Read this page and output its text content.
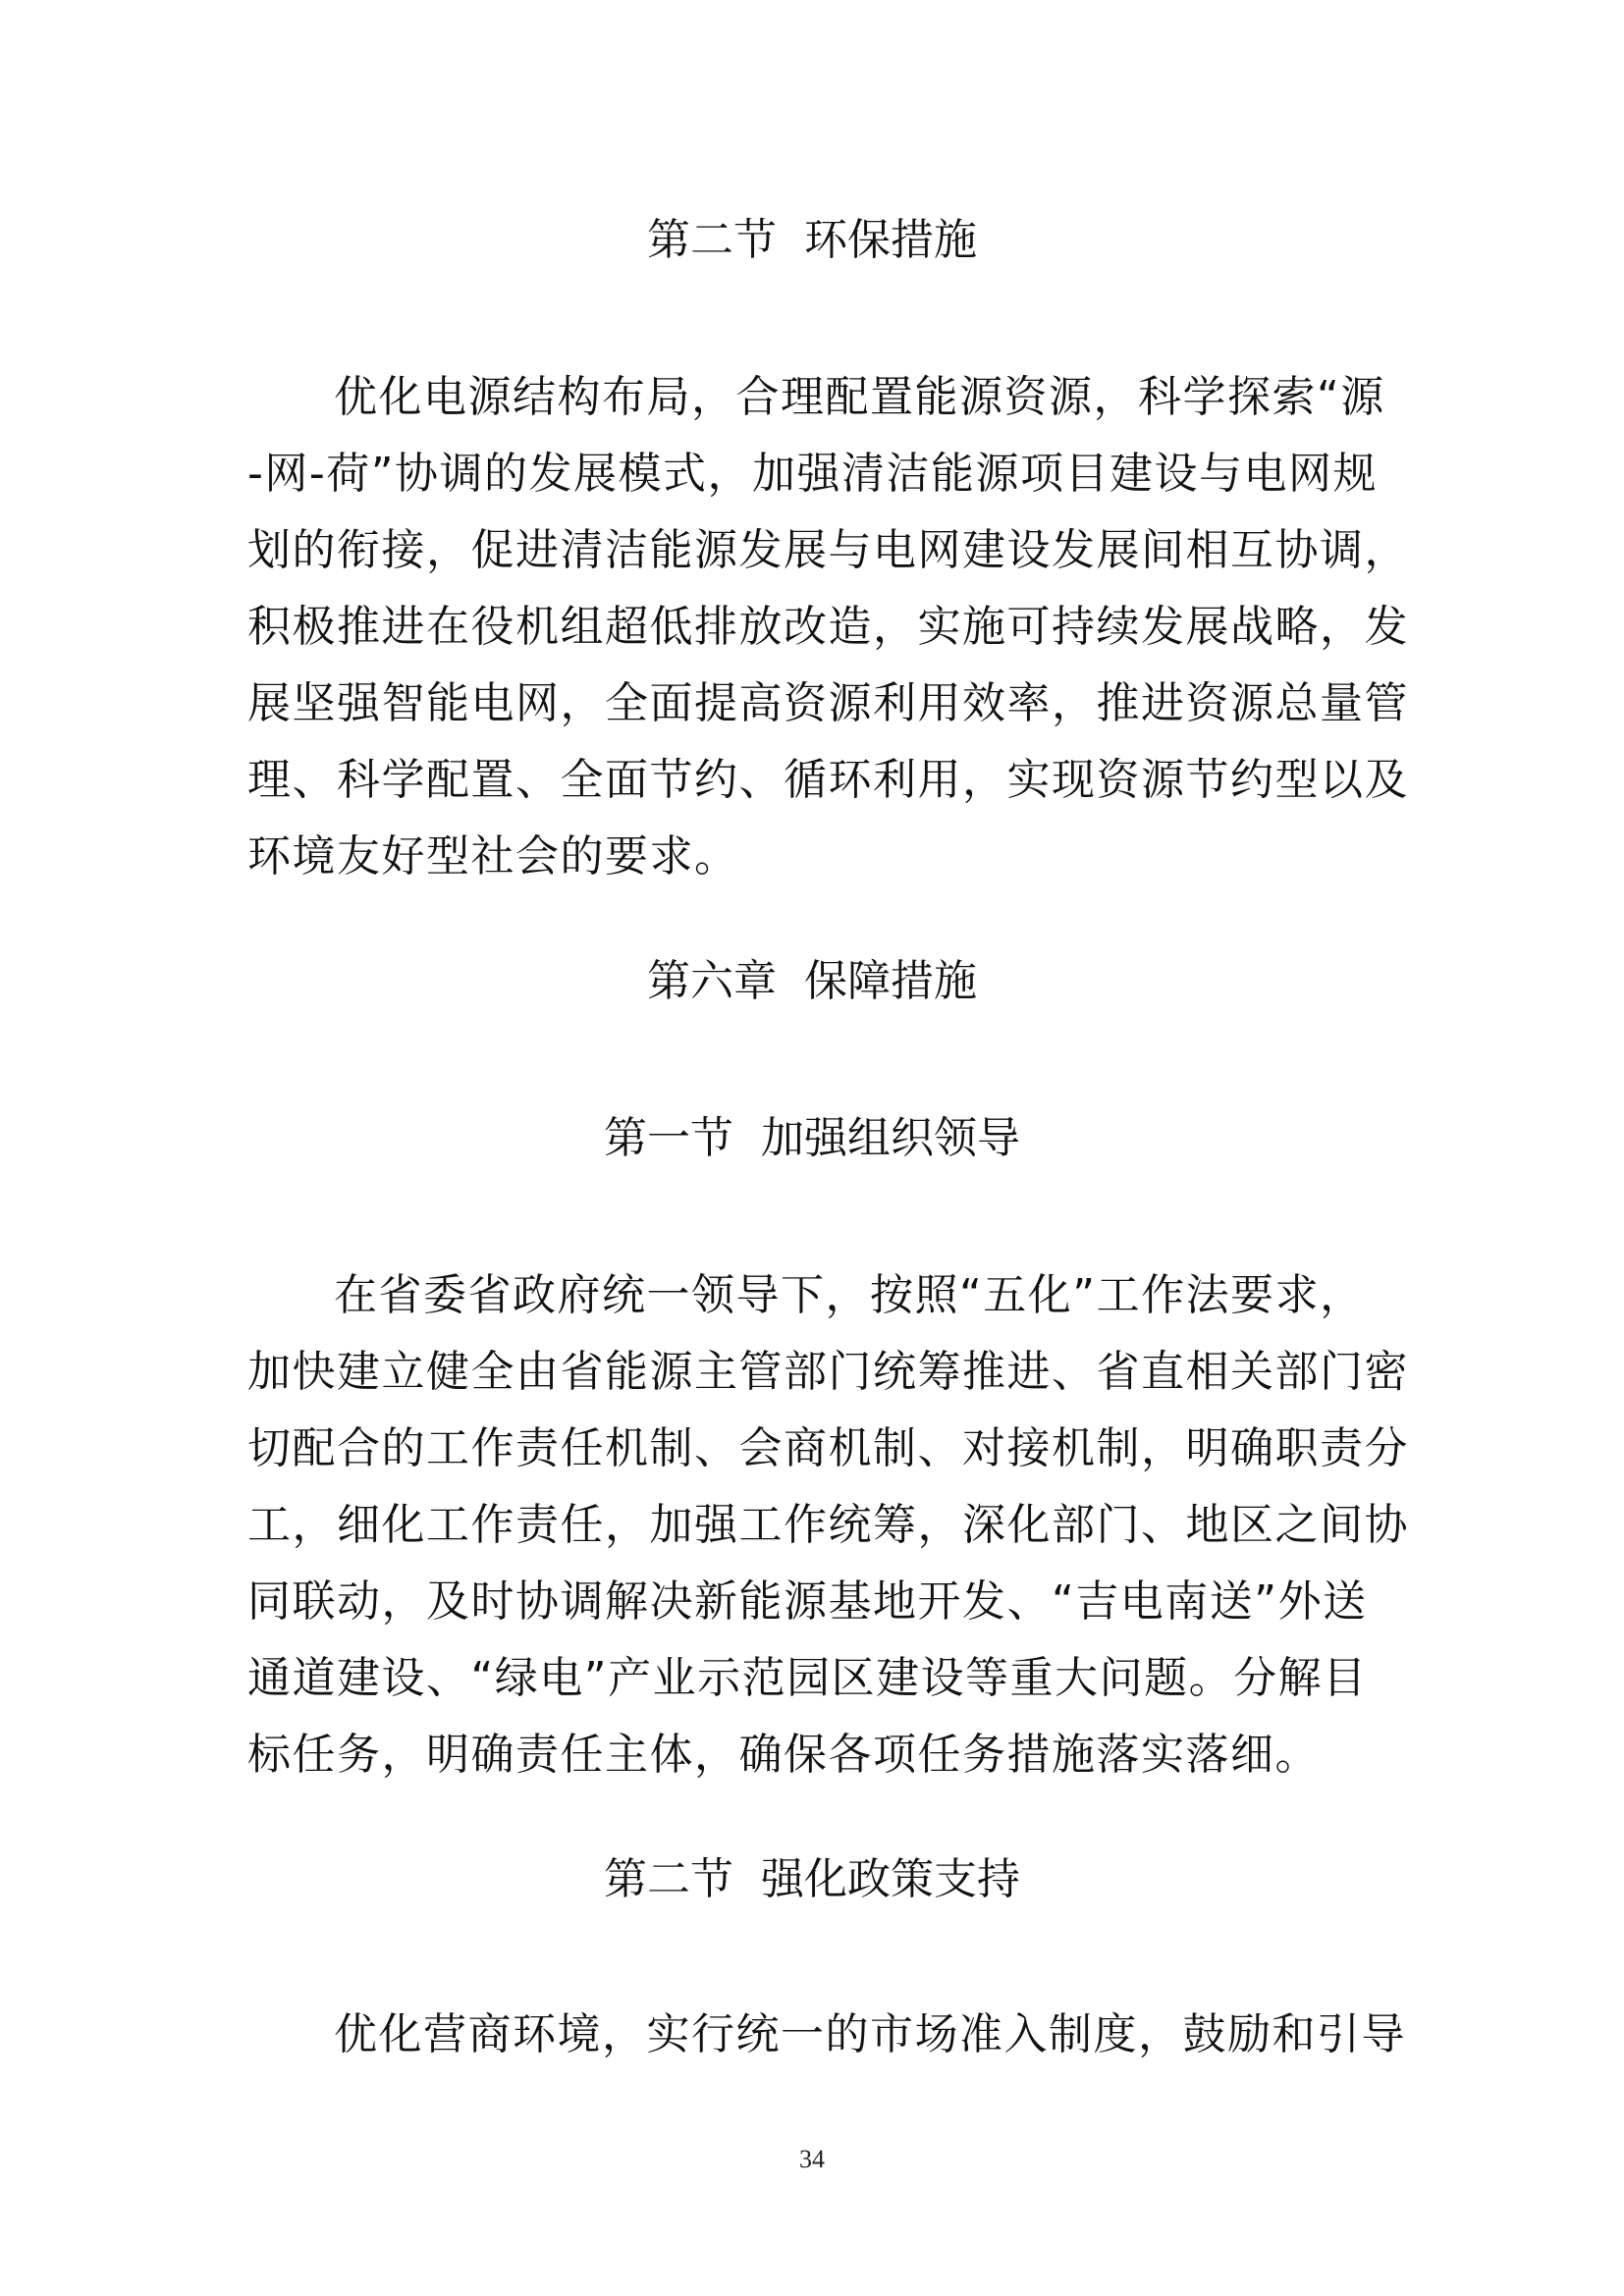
第二节  环保措施
优化电源结构布局，合理配置能源资源，科学探索“源
-网-荷”协调的发展模式，加强清洁能源项目建设与电网规
划的衔接，促进清洁能源发展与电网建设发展间相互协调，
积极推进在役机组超低排放改造，实施可持续发展战略，发
展坚强智能电网，全面提高资源利用效率，推进资源总量管
理、科学配置、全面节约、循环利用，实现资源节约型以及
环境友好型社会的要求。
第六章  保障措施
第一节  加强组织领导
在省委省政府统一领导下，按照“五化”工作法要求，
加快建立健全由省能源主管部门统筹推进、省直相关部门密
切配合的工作责任机制、会商机制、对接机制，明确职责分
工，细化工作责任，加强工作统筹，深化部门、地区之间协
同联动，及时协调解决新能源基地开发、“吉电南送”外送
通道建设、“绿电”产业示范园区建设等重大问题。分解目
标任务，明确责任主体，确保各项任务措施落实落细。
第二节  强化政策支持
优化营商环境，实行统一的市场准入制度，鼓励和引导
34
